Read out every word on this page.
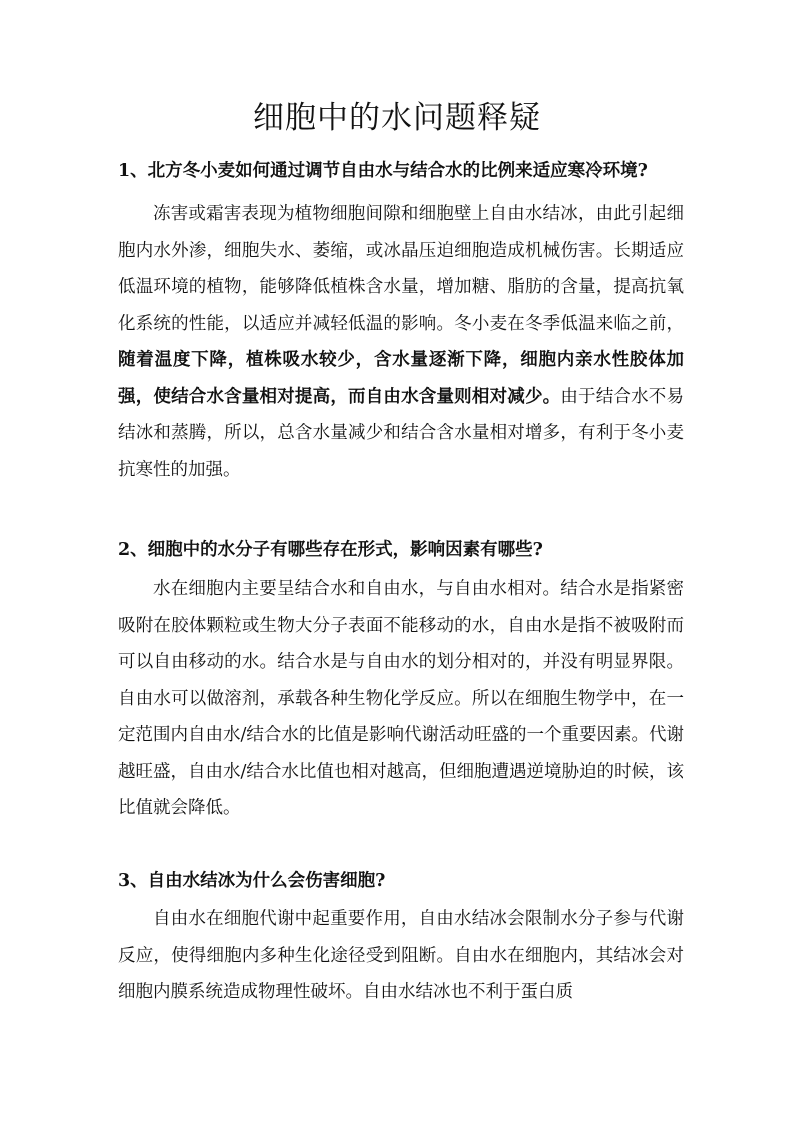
细胞中的水问题释疑
1、北方冬小麦如何通过调节自由水与结合水的比例来适应寒冷环境?

冻害或霜害表现为植物细胞间隙和细胞壁上自由水结冰，由此引起细胞内水外渗，细胞失水、萎缩，或冰晶压迫细胞造成机械伤害。长期适应低温环境的植物，能够降低植株含水量，增加糖、脂肪的含量，提高抗氧化系统的性能，以适应并减轻低温的影响。冬小麦在冬季低温来临之前，随着温度下降，植株吸水较少，含水量逐渐下降，细胞内亲水性胶体加强，使结合水含量相对提高，而自由水含量则相对减少。由于结合水不易结冰和蒸腾，所以，总含水量减少和结合含水量相对增多，有利于冬小麦抗寒性的加强。

2、细胞中的水分子有哪些存在形式，影响因素有哪些?

水在细胞内主要呈结合水和自由水，与自由水相对。结合水是指紧密吸附在胶体颗粒或生物大分子表面不能移动的水，自由水是指不被吸附而可以自由移动的水。结合水是与自由水的划分相对的，并没有明显界限。自由水可以做溶剂，承载各种生物化学反应。所以在细胞生物学中，在一定范围内自由水/结合水的比值是影响代谢活动旺盛的一个重要因素。代谢越旺盛，自由水/结合水比值也相对越高，但细胞遭遇逆境胁迫的时候，该比值就会降低。

3、自由水结冰为什么会伤害细胞?

自由水在细胞代谢中起重要作用，自由水结冰会限制水分子参与代谢反应，使得细胞内多种生化途径受到阻断。自由水在细胞内，其结冰会对细胞内膜系统造成物理性破坏。自由水结冰也不利于蛋白质
